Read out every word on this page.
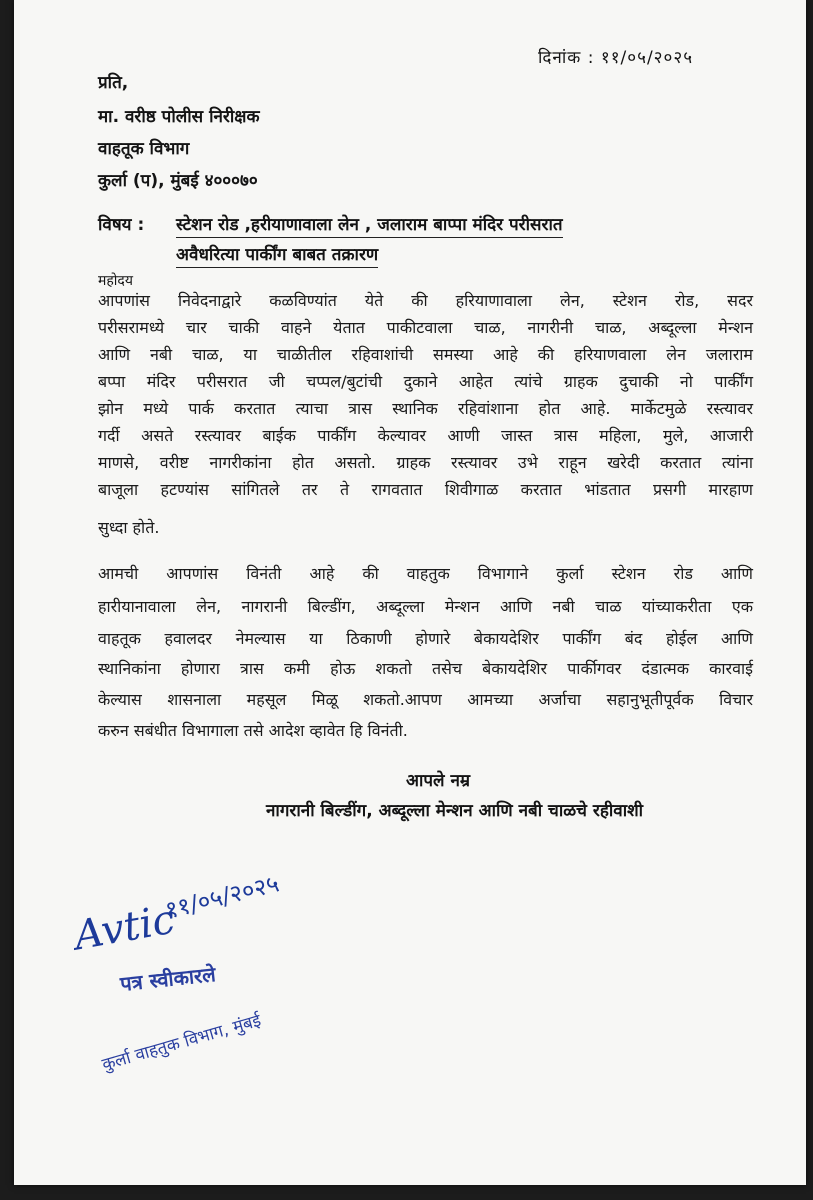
दिनांक : ११/०५/२०२५
प्रति,
मा. वरीष्ठ पोलीस निरीक्षक
वाहतूक विभाग
कुर्ला (प), मुंबई ४०००७०
विषय : स्टेशन रोड ,हरीयाणावाला लेन , जलाराम बाप्पा मंदिर परीसरात
अवैधरित्या पार्कींग बाबत तक्रारण
महोदय
आपणांस निवेदनाद्वारे कळविण्यांत येते की हरियाणावाला लेन, स्टेशन रोड, सदर
परीसरामध्ये चार चाकी वाहने येतात पाकीटवाला चाळ, नागरीनी चाळ, अब्दूल्ला मेन्शन
आणि नबी चाळ, या चाळीतील रहिवाशांची समस्या आहे की हरियाणवाला लेन जलाराम
बप्पा मंदिर परीसरात जी चप्पल/बुटांची दुकाने आहेत त्यांचे ग्राहक दुचाकी नो पार्कींग
झोन मध्ये पार्क करतात त्याचा त्रास स्थानिक रहिवांशाना होत आहे. मार्केटमुळे रस्त्यावर
गर्दी असते रस्त्यावर बाईक पार्कींग केल्यावर आणी जास्त त्रास महिला, मुले, आजारी
माणसे, वरीष्ट नागरीकांना होत असतो. ग्राहक रस्त्यावर उभे राहून खरेदी करतात त्यांना
बाजूला हटण्यांस सांगितले तर ते रागवतात शिवीगाळ करतात भांडतात प्रसगी मारहाण
सुध्दा होते.
आमची आपणांस विनंती आहे की वाहतुक विभागाने कुर्ला स्टेशन रोड आणि
हारीयानावाला लेन, नागरानी बिल्डींग, अब्दूल्ला मेन्शन आणि नबी चाळ यांच्याकरीता एक
वाहतूक हवालदर नेमल्यास या ठिकाणी होणारे बेकायदेशिर पार्कींग बंद होईल आणि
स्थानिकांना होणारा त्रास कमी होऊ शकतो तसेच बेकायदेशिर पार्कीगवर दंडात्मक कारवाई
केल्यास शासनाला महसूल मिळू शकतो.आपण आमच्या अर्जाचा सहानुभूतीपूर्वक विचार
करुन सबंधीत विभागाला तसे आदेश व्हावेत हि विनंती.
आपले नम्र
नागरानी बिल्डींग, अब्दूल्ला मेन्शन आणि नबी चाळचे रहीवाशी
Avtic
११/०५/२०२५
पत्र स्वीकारले
कुर्ला वाहतुक विभाग, मुंबई
